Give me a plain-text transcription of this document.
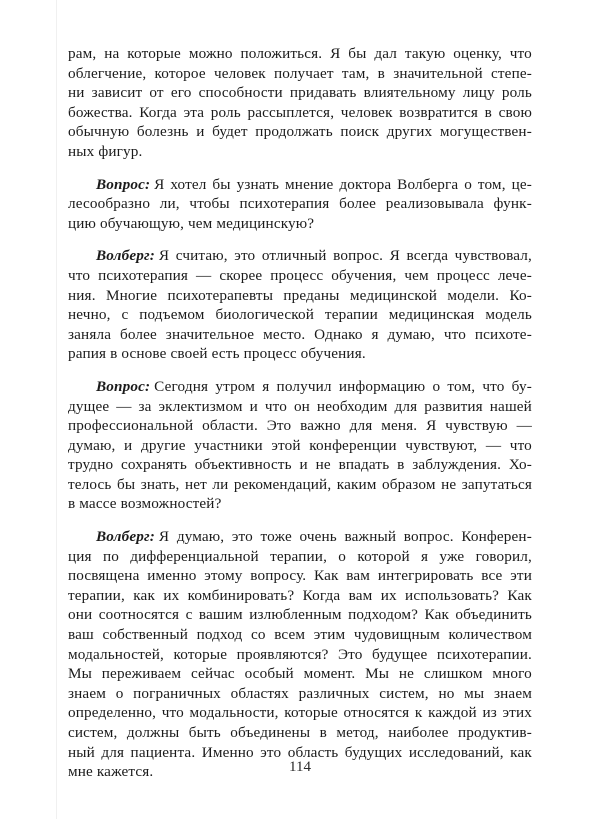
рам, на которые можно положиться. Я бы дал такую оценку, что
облегчение, которое человек получает там, в значительной степе-
ни зависит от его способности придавать влиятельному лицу роль
божества. Когда эта роль рассыплется, человек возвратится в свою
обычную болезнь и будет продолжать поиск других могуществен-
ных фигур.
Вопрос: Я хотел бы узнать мнение доктора Волберга о том, це-
лесообразно ли, чтобы психотерапия более реализовывала функ-
цию обучающую, чем медицинскую?
Волберг: Я считаю, это отличный вопрос. Я всегда чувствовал,
что психотерапия — скорее процесс обучения, чем процесс лече-
ния. Многие психотерапевты преданы медицинской модели. Ко-
нечно, с подъемом биологической терапии медицинская модель
заняла более значительное место. Однако я думаю, что психоте-
рапия в основе своей есть процесс обучения.
Вопрос: Сегодня утром я получил информацию о том, что бу-
дущее — за эклектизмом и что он необходим для развития нашей
профессиональной области. Это важно для меня. Я чувствую —
думаю, и другие участники этой конференции чувствуют, — что
трудно сохранять объективность и не впадать в заблуждения. Хо-
телось бы знать, нет ли рекомендаций, каким образом не запутаться
в массе возможностей?
Волберг: Я думаю, это тоже очень важный вопрос. Конферен-
ция по дифференциальной терапии, о которой я уже говорил,
посвящена именно этому вопросу. Как вам интегрировать все эти
терапии, как их комбинировать? Когда вам их использовать? Как
они соотносятся с вашим излюбленным подходом? Как объединить
ваш собственный подход со всем этим чудовищным количеством
модальностей, которые проявляются? Это будущее психотерапии.
Мы переживаем сейчас особый момент. Мы не слишком много
знаем о пограничных областях различных систем, но мы знаем
определенно, что модальности, которые относятся к каждой из этих
систем, должны быть объединены в метод, наиболее продуктив-
ный для пациента. Именно это область будущих исследований, как
мне кажется.	114
